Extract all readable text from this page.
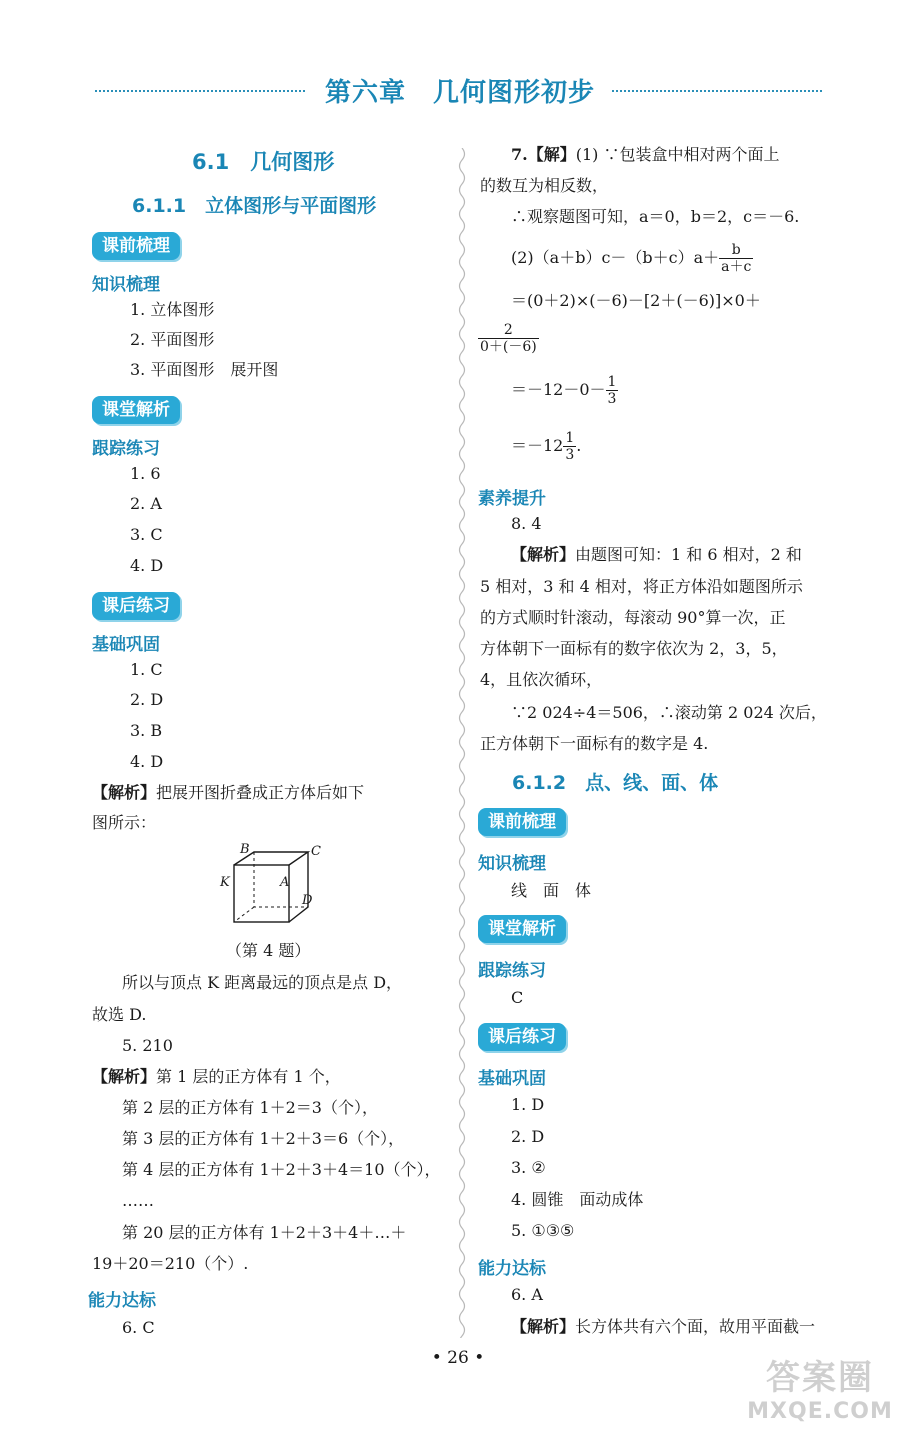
第六章　几何图形初步
6.1　几何图形
6.1.1　立体图形与平面图形
课前梳理
知识梳理
1. 立体图形
2. 平面图形
3. 平面图形　展开图
课堂解析
跟踪练习
1. 6
2. A
3. C
4. D
课后练习
基础巩固
1. C
2. D
3. B
4. D
【解析】把展开图折叠成正方体后如下
图所示：
B	C
K	A
D
（第 4 题）
所以与顶点 K 距离最远的顶点是点 D，
故选 D.
5. 210
【解析】第 1 层的正方体有 1 个，
第 2 层的正方体有 1＋2＝3（个），
第 3 层的正方体有 1＋2＋3＝6（个），
第 4 层的正方体有 1＋2＋3＋4＝10（个），
……
第 20 层的正方体有 1＋2＋3＋4＋…＋
19＋20＝210（个）.
能力达标
6. C
7.【解】(1) ∵包装盒中相对两个面上
的数互为相反数，
∴观察题图可知，a＝0，b＝2，c＝－6.
$(2)(a+b)c-(b+c)a+ \frac{b}{a+c}$
＝(0＋2)×(－6)－[2＋(－6)]×0＋
$\frac{2}{0+(-6)}$
$=-12-0- \frac{1}{3}$
$=-12 \frac{1}{3}$ .
素养提升
8. 4
【解析】由题图可知：1 和 6 相对，2 和
5 相对，3 和 4 相对，将正方体沿如题图所示
的方式顺时针滚动，每滚动 90°算一次，正
方体朝下一面标有的数字依次为 2，3，5，
4，且依次循环，
∵2 024÷4＝506，∴滚动第 2 024 次后，
正方体朝下一面标有的数字是 4.
6.1.2　点、线、面、体
课前梳理
知识梳理
线　面　体
课堂解析
跟踪练习
C
课后练习
基础巩固
1. D
2. D
3. ②
4. 圆锥　面动成体
5. ①③⑤
能力达标
6. A
【解析】长方体共有六个面，故用平面截一
• 26 •	答案圈
MXQE.COM
